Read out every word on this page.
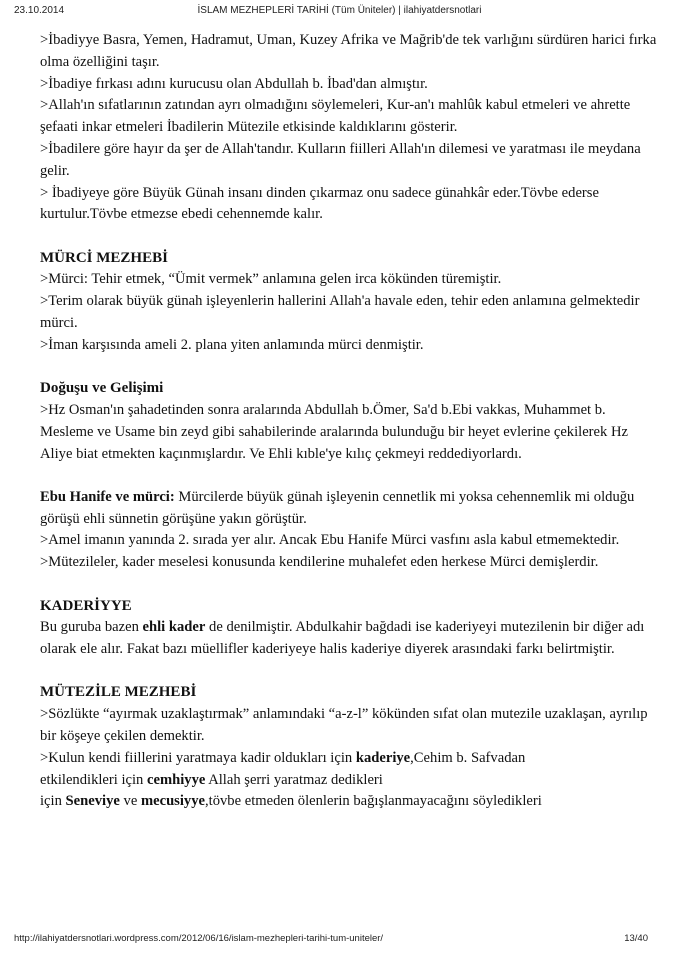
23.10.2014	İSLAM MEZHEPLERİ TARİHİ (Tüm Üniteler) | ilahiyatdersnotlari

>İbadiyye Basra, Yemen, Hadramut, Uman, Kuzey Afrika ve Mağrib'de tek varlığını sürdüren harici fırka olma özelliğini taşır.

>İbadiye fırkası adını kurucusu olan Abdullah b. İbad'dan almıştır.

>Allah'ın sıfatlarının zatından ayrı olmadığını söylemeleri, Kur-an'ı mahlûk kabul etmeleri ve ahrette şefaati inkar etmeleri İbadilerin Mütezile etkisinde kaldıklarını gösterir.

>İbadilere göre hayır da şer de Allah'tandır. Kulların fiilleri Allah'ın dilemesi ve yaratması ile meydana gelir.

> İbadiyeye göre Büyük Günah insanı dinden çıkarmaz onu sadece günahkâr eder.Tövbe ederse kurtulur.Tövbe etmezse ebedi cehennemde kalır.

MÜRCİ MEZHEBİ

>Mürci: Tehir etmek, “Ümit vermek” anlamına gelen irca kökünden türemiştir.

>Terim olarak büyük günah işleyenlerin hallerini Allah'a havale eden, tehir eden anlamına gelmektedir mürci.

>İman karşısında ameli 2. plana yiten anlamında mürci denmiştir.

Doğuşu ve Gelişimi

>Hz Osman'ın şahadetinden sonra aralarında Abdullah b.Ömer, Sa'd b.Ebi vakkas, Muhammet b. Mesleme ve Usame bin zeyd gibi sahabilerinde aralarında bulunduğu bir heyet evlerine çekilerek Hz Aliye biat etmekten kaçınmışlardır. Ve Ehli kıble'ye kılıç çekmeyi reddediyorlardı.

Ebu Hanife ve mürci: Mürcilerde büyük günah işleyenin cennetlik mi yoksa cehennemlik mi olduğu görüşü ehli sünnetin görüşüne yakın görüştür.

>Amel imanın yanında 2. sırada yer alır. Ancak Ebu Hanife Mürci vasfını asla kabul etmemektedir.

>Mütezileler, kader meselesi konusunda kendilerine muhalefet eden herkese Mürci demişlerdir.

KADERİYYE

Bu guruba bazen ehli kader de denilmiştir. Abdulkahir bağdadi ise kaderiyeyi mutezilenin bir diğer adı olarak ele alır. Fakat bazı müellifler kaderiyeye halis kaderiye diyerek arasındaki farkı belirtmiştir.

MÜTEZİLE MEZHEBİ

>Sözlükte “ayırmak uzaklaştırmak” anlamındaki “a-z-l” kökünden sıfat olan mutezile uzaklaşan, ayrılıp bir köşeye çekilen demektir.

>Kulun kendi fiillerini yaratmaya kadir oldukları için kaderiye,Cehim b. Safvadan

etkilendikleri için cemhiyye Allah şerri yaratmaz dedikleri

için Seneviye ve mecusiyye,tövbe etmeden ölenlerin bağışlanmayacağını söyledikleri

http://ilahiyatdersnotlari.wordpress.com/2012/06/16/islam-mezhepleri-tarihi-tum-uniteler/	13/40
